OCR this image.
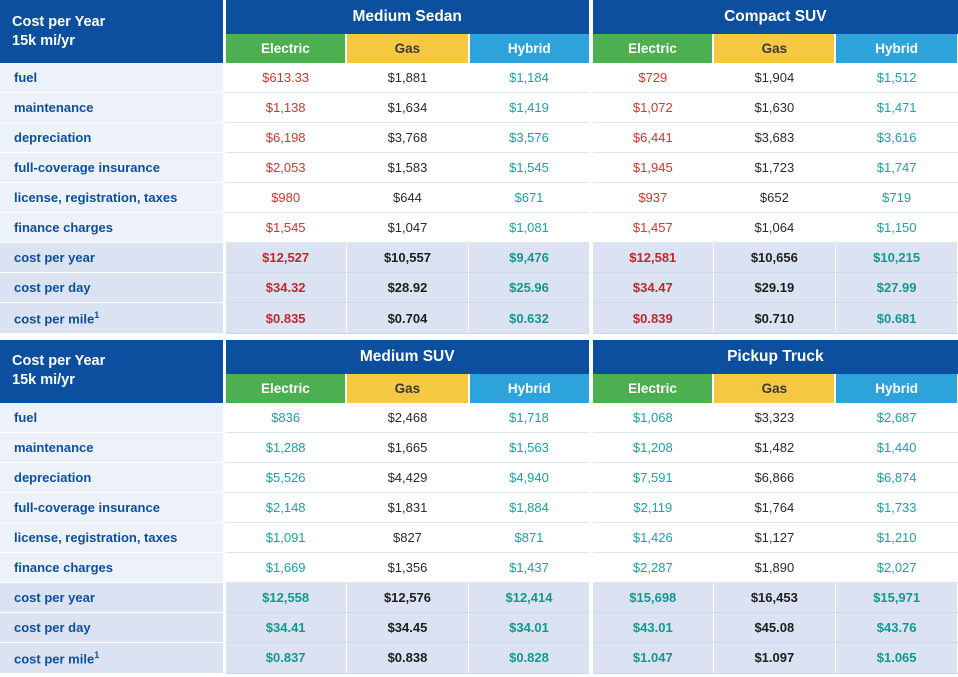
Cost per Year
15k mi/yr	Medium Sedan			Compact SUV		
	Electric	Gas	Hybrid	Electric	Gas	Hybrid
fuel	$613.33	$1,881	$1,184	$729	$1,904	$1,512
maintenance	$1,138	$1,634	$1,419	$1,072	$1,630	$1,471
depreciation	$6,198	$3,768	$3,576	$6,441	$3,683	$3,616
full-coverage insurance	$2,053	$1,583	$1,545	$1,945	$1,723	$1,747
license, registration, taxes	$980	$644	$671	$937	$652	$719
finance charges	$1,545	$1,047	$1,081	$1,457	$1,064	$1,150
cost per year	$12,527	$10,557	$9,476	$12,581	$10,656	$10,215
cost per day	$34.32	$28.92	$25.96	$34.47	$29.19	$27.99
cost per mile$^1$	$0.835	$0.704	$0.632	$0.839	$0.710	$0.681

Cost per Year
15k mi/yr	Medium SUV			Pickup Truck		
	Electric	Gas	Hybrid	Electric	Gas	Hybrid
fuel	$836	$2,468	$1,718	$1,068	$3,323	$2,687
maintenance	$1,288	$1,665	$1,563	$1,208	$1,482	$1,440
depreciation	$5,526	$4,429	$4,940	$7,591	$6,866	$6,874
full-coverage insurance	$2,148	$1,831	$1,884	$2,119	$1,764	$1,733
license, registration, taxes	$1,091	$827	$871	$1,426	$1,127	$1,210
finance charges	$1,669	$1,356	$1,437	$2,287	$1,890	$2,027
cost per year	$12,558	$12,576	$12,414	$15,698	$16,453	$15,971
cost per day	$34.41	$34.45	$34.01	$43.01	$45.08	$43.76
cost per mile$^1$	$0.837	$0.838	$0.828	$1.047	$1.097	$1.065
